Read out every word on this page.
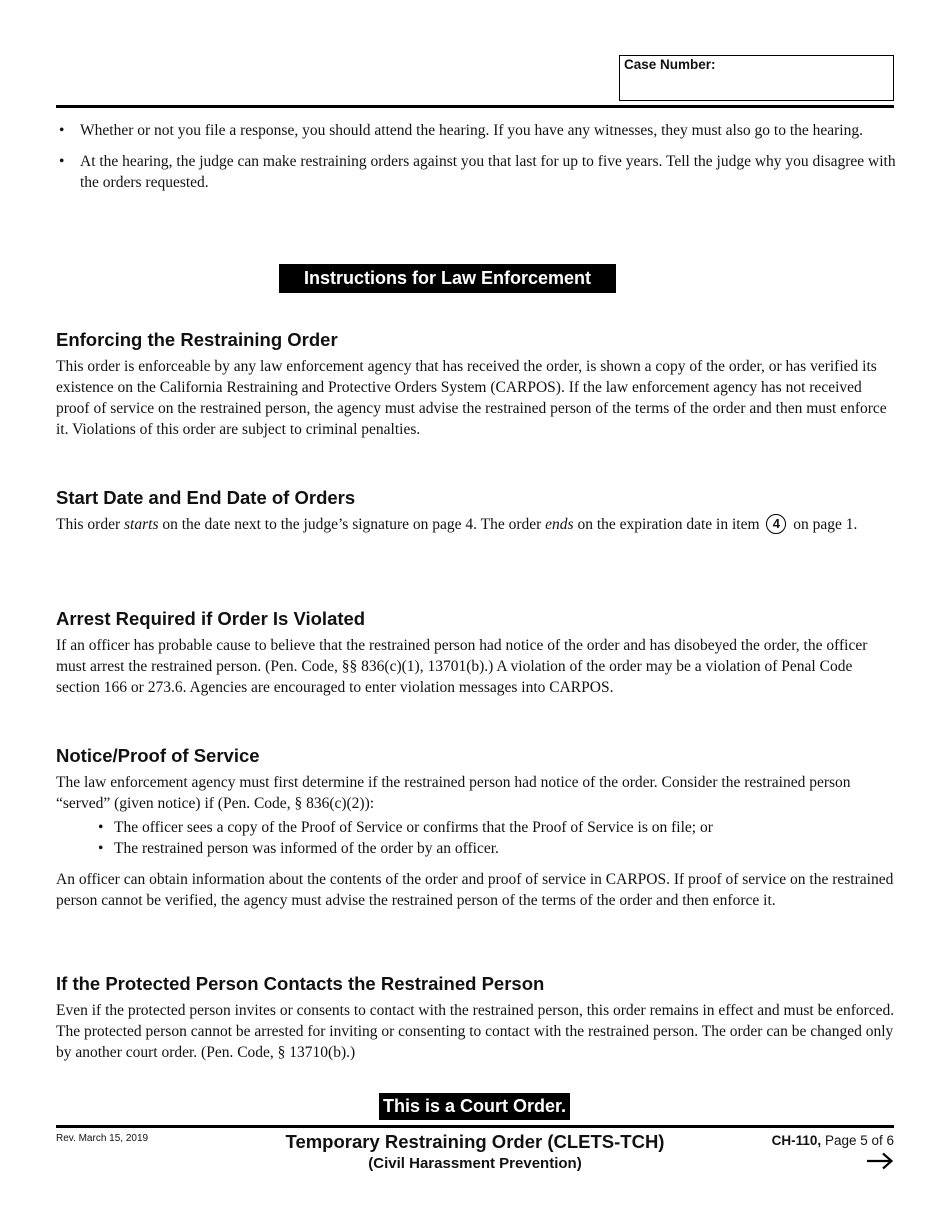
Case Number:
• Whether or not you file a response, you should attend the hearing. If you have any witnesses, they must also go to the hearing.
• At the hearing, the judge can make restraining orders against you that last for up to five years. Tell the judge why you disagree with the orders requested.
Instructions for Law Enforcement
Enforcing the Restraining Order

This order is enforceable by any law enforcement agency that has received the order, is shown a copy of the order, or has verified its existence on the California Restraining and Protective Orders System (CARPOS). If the law enforcement agency has not received proof of service on the restrained person, the agency must advise the restrained person of the terms of the order and then must enforce it. Violations of this order are subject to criminal penalties.

Start Date and End Date of Orders

This order starts on the date next to the judge’s signature on page 4. The order ends on the expiration date in item 4 on page 1.

Arrest Required if Order Is Violated

If an officer has probable cause to believe that the restrained person had notice of the order and has disobeyed the order, the officer must arrest the restrained person. (Pen. Code, §§ 836(c)(1), 13701(b).) A violation of the order may be a violation of Penal Code section 166 or 273.6. Agencies are encouraged to enter violation messages into CARPOS.

Notice/Proof of Service

The law enforcement agency must first determine if the restrained person had notice of the order. Consider the restrained person “served” (given notice) if (Pen. Code, § 836(c)(2)):

• The officer sees a copy of the Proof of Service or confirms that the Proof of Service is on file; or
• The restrained person was informed of the order by an officer.

An officer can obtain information about the contents of the order and proof of service in CARPOS. If proof of service on the restrained person cannot be verified, the agency must advise the restrained person of the terms of the order and then enforce it.

If the Protected Person Contacts the Restrained Person

Even if the protected person invites or consents to contact with the restrained person, this order remains in effect and must be enforced. The protected person cannot be arrested for inviting or consenting to contact with the restrained person. The order can be changed only by another court order. (Pen. Code, § 13710(b).)

This is a Court Order.
Rev. March 15, 2019	Temporary Restraining Order (CLETS-TCH)
(Civil Harassment Prevention)
CH-110, Page 5 of 6
